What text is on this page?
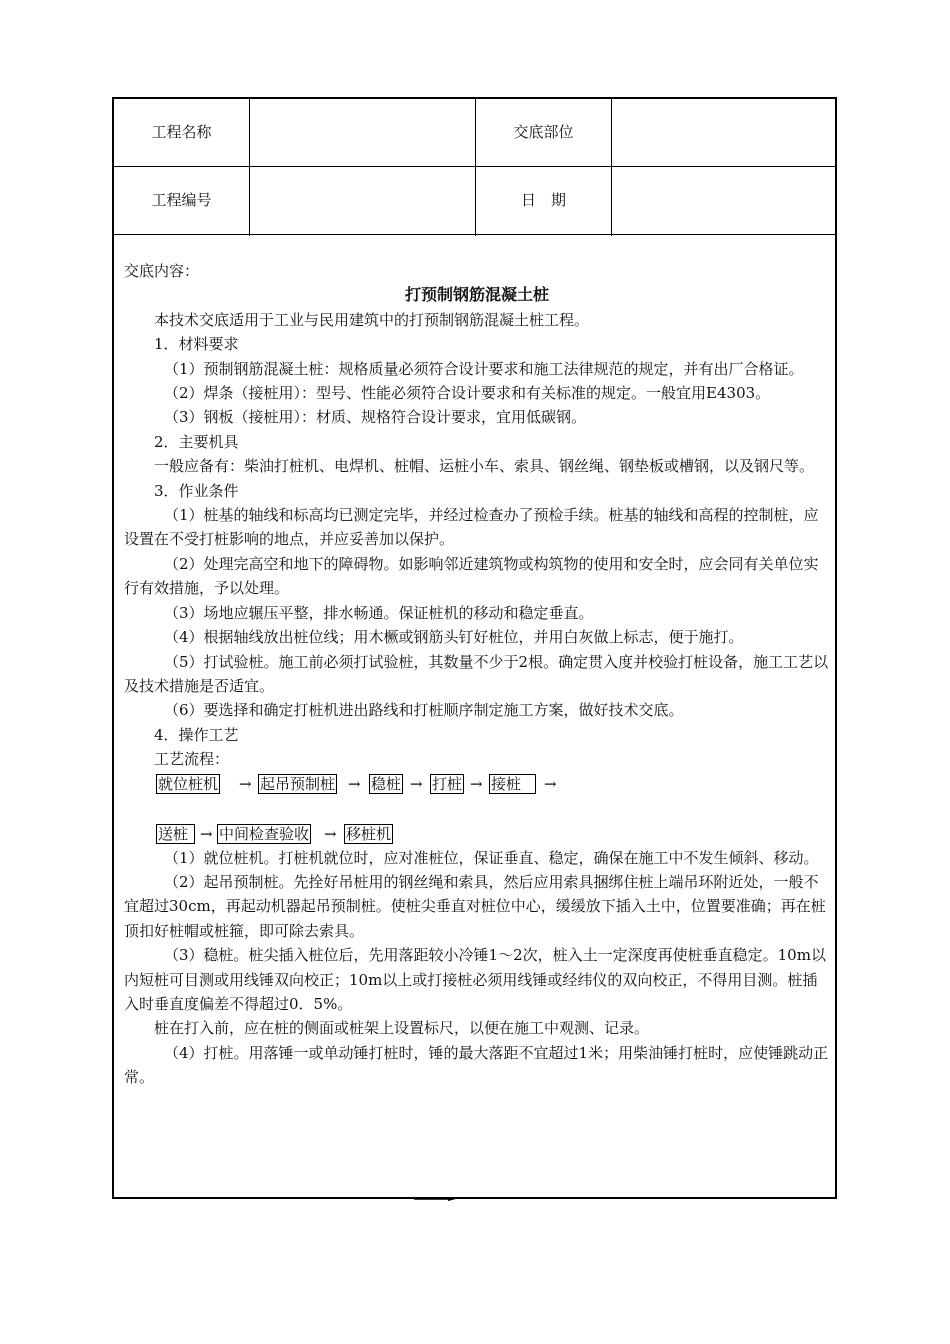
工程名称	交底部位
工程编号	日　期

交底内容：

打预制钢筋混凝土桩

本技术交底适用于工业与民用建筑中的打预制钢筋混凝土桩工程。

1．材料要求

（1）预制钢筋混凝土桩：规格质量必须符合设计要求和施工法律规范的规定，并有出厂合格证。

（2）焊条（接桩用）：型号、性能必须符合设计要求和有关标准的规定。一般宜用E4303。

（3）钢板（接桩用）：材质、规格符合设计要求，宜用低碳钢。

2．主要机具

一般应备有：柴油打桩机、电焊机、桩帽、运桩小车、索具、钢丝绳、钢垫板或槽钢，以及钢尺等。

3．作业条件

（1）桩基的轴线和标高均已测定完毕，并经过检查办了预检手续。桩基的轴线和高程的控制桩，应设置在不受打桩影响的地点，并应妥善加以保护。

（2）处理完高空和地下的障碍物。如影响邻近建筑物或构筑物的使用和安全时，应会同有关单位实行有效措施，予以处理。

（3）场地应辗压平整，排水畅通。保证桩机的移动和稳定垂直。

（4）根据轴线放出桩位线；用木橛或钢筋头钉好桩位，并用白灰做上标志，便于施打。

（5）打试验桩。施工前必须打试验桩，其数量不少于2根。确定贯入度并校验打桩设备，施工工艺以及技术措施是否适宜。

（6）要选择和确定打桩机进出路线和打桩顺序制定施工方案，做好技术交底。

4．操作工艺

工艺流程：

就位桩机 → 起吊预制桩 → 稳桩 → 打桩 → 接桩	→
送桩 → 中间检查验收 → 移桩机

（1）就位桩机。打桩机就位时，应对准桩位，保证垂直、稳定，确保在施工中不发生倾斜、移动。

（2）起吊预制桩。先拴好吊桩用的钢丝绳和索具，然后应用索具捆绑住桩上端吊环附近处，一般不宜超过30cm，再起动机器起吊预制桩。使桩尖垂直对桩位中心，缓缓放下插入土中，位置要准确；再在桩顶扣好桩帽或桩箍，即可除去索具。

（3）稳桩。桩尖插入桩位后，先用落距较小冷锤1～2次，桩入土一定深度再使桩垂直稳定。10m以内短桩可目测或用线锤双向校正；10m以上或打接桩必须用线锤或经纬仪的双向校正，不得用目测。桩插入时垂直度偏差不得超过0．5%。

桩在打入前，应在桩的侧面或桩架上设置标尺，以便在施工中观测、记录。

（4）打桩。用落锤一或单动锤打桩时，锤的最大落距不宜超过1米；用柴油锤打桩时，应使锤跳动正常。
